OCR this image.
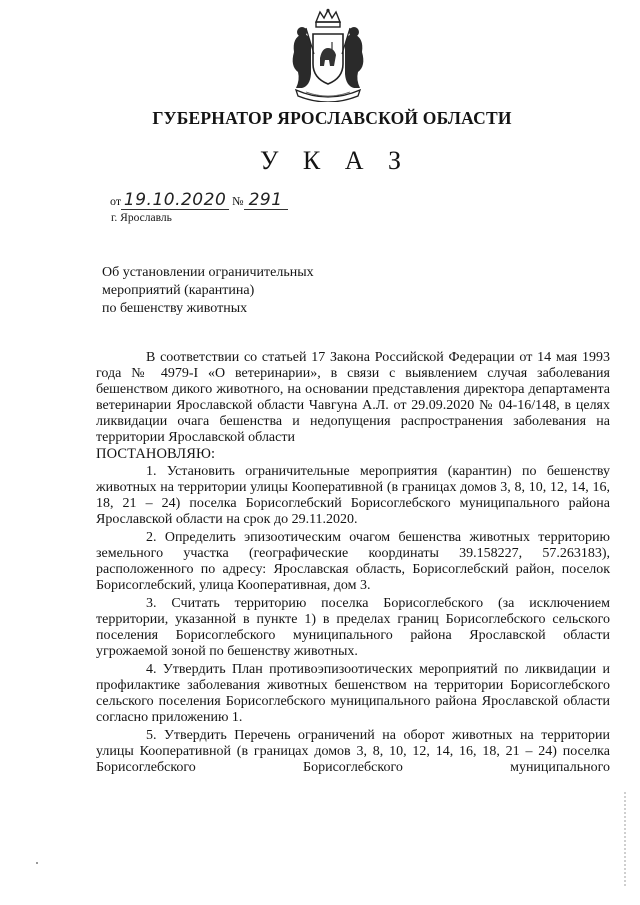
ГУБЕРНАТОР ЯРОСЛАВСКОЙ ОБЛАСТИ
У К А З
от 19.10.2020 № 291
г. Ярославль
Об установлении ограничительных
мероприятий (карантина)
по бешенству животных

В соответствии со статьей 17 Закона Российской Федерации от 14 мая 1993 года № 4979-I «О ветеринарии», в связи с выявлением случая заболевания бешенством дикого животного, на основании представления директора департамента ветеринарии Ярославской области Чавгуна А.Л. от 29.09.2020 № 04-16/148, в целях ликвидации очага бешенства и недопущения распространения заболевания на территории Ярославской области

ПОСТАНОВЛЯЮ:

1. Установить ограничительные мероприятия (карантин) по бешенству животных на территории улицы Кооперативной (в границах домов 3, 8, 10, 12, 14, 16, 18, 21 – 24) поселка Борисоглебский Борисоглебского муниципального района Ярославской области на срок до 29.11.2020.

2. Определить эпизоотическим очагом бешенства животных территорию земельного участка (географические координаты 39.158227, 57.263183), расположенного по адресу: Ярославская область, Борисоглебский район, поселок Борисоглебский, улица Кооперативная, дом 3.

3. Считать территорию поселка Борисоглебского (за исключением территории, указанной в пункте 1) в пределах границ Борисоглебского сельского поселения Борисоглебского муниципального района Ярославской области угрожаемой зоной по бешенству животных.

4. Утвердить План противоэпизоотических мероприятий по ликвидации и профилактике заболевания животных бешенством на территории Борисоглебского сельского поселения Борисоглебского муниципального района Ярославской области согласно приложению 1.

5. Утвердить Перечень ограничений на оборот животных на территории улицы Кооперативной (в границах домов 3, 8, 10, 12, 14, 16, 18, 21 – 24) поселка Борисоглебского Борисоглебского муниципального
